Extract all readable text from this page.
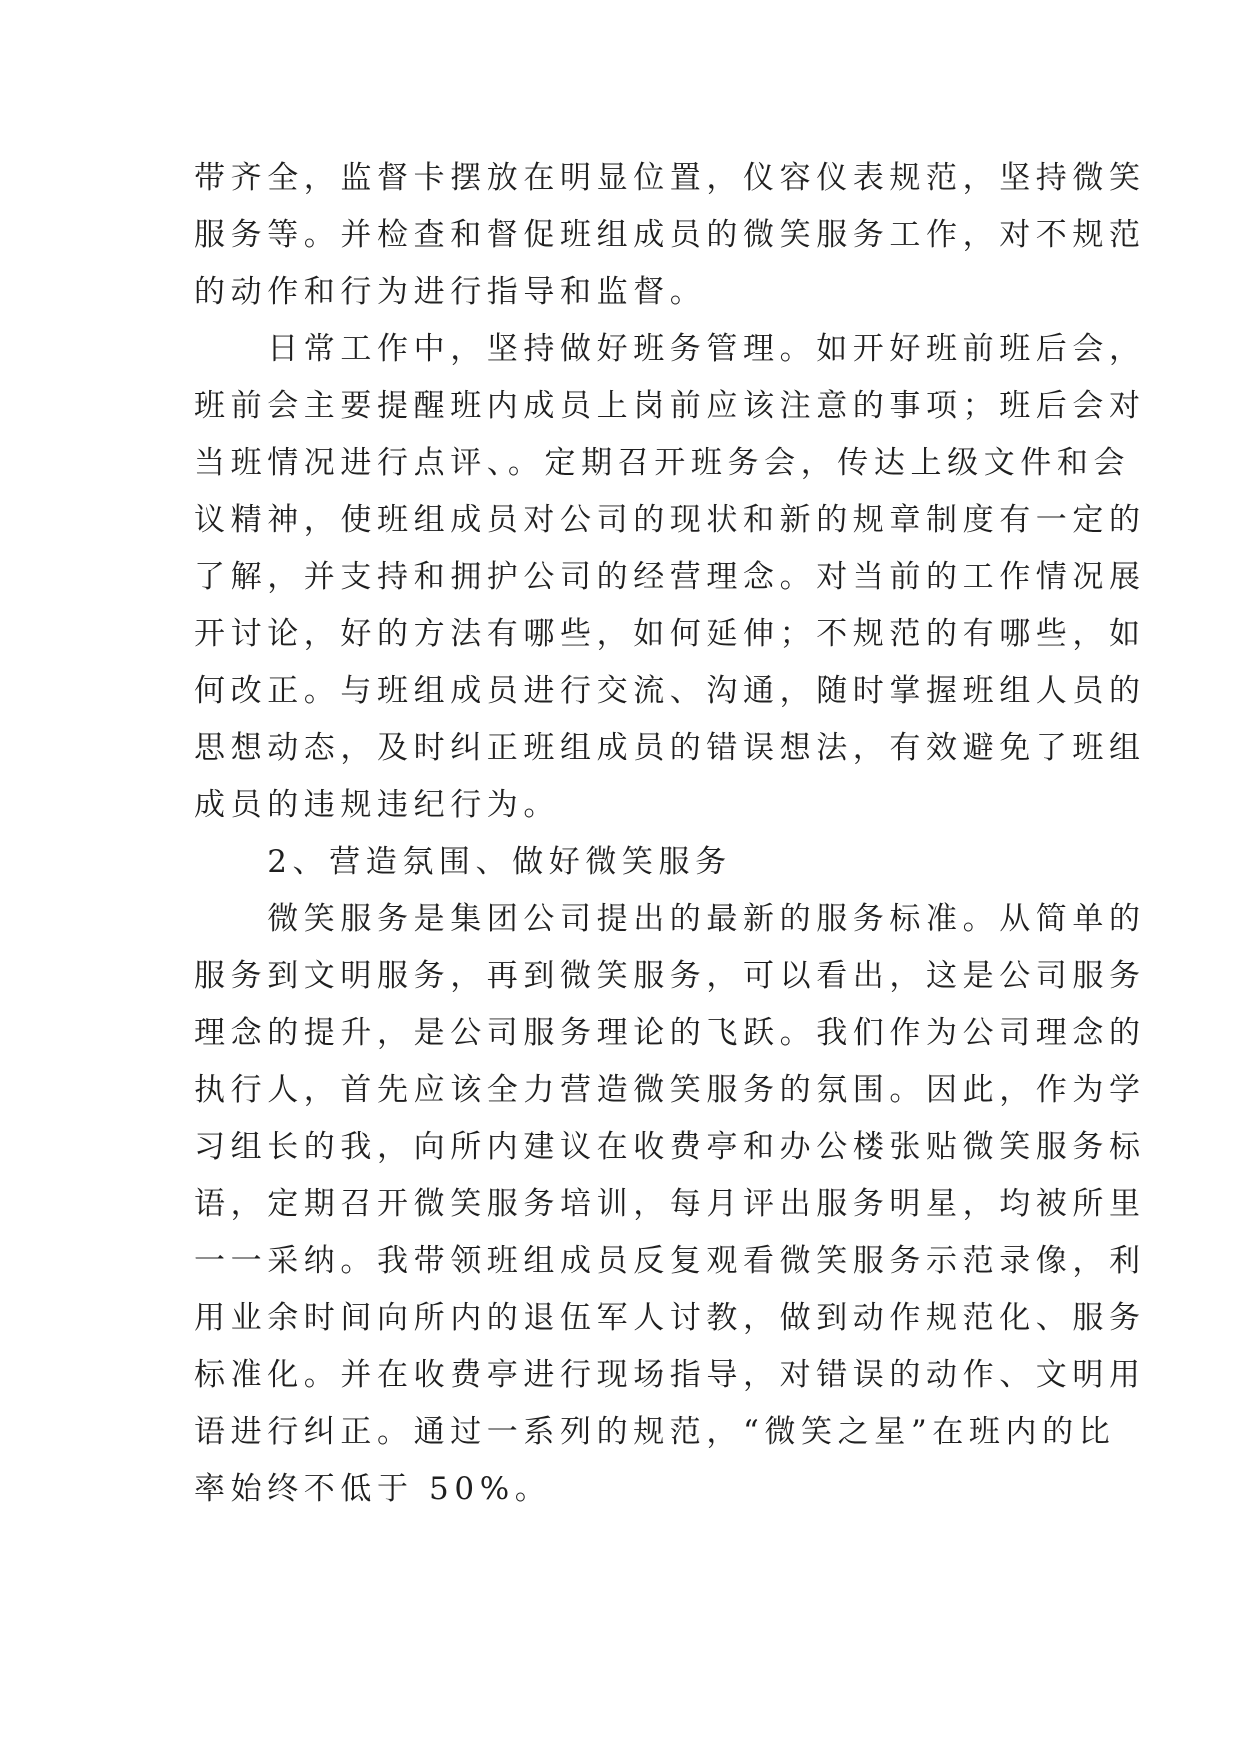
带齐全，监督卡摆放在明显位置，仪容仪表规范，坚持微笑
服务等。并检查和督促班组成员的微笑服务工作，对不规范
的动作和行为进行指导和监督。
　　日常工作中，坚持做好班务管理。如开好班前班后会，
班前会主要提醒班内成员上岗前应该注意的事项；班后会对
当班情况进行点评、。定期召开班务会，传达上级文件和会
议精神，使班组成员对公司的现状和新的规章制度有一定的
了解，并支持和拥护公司的经营理念。对当前的工作情况展
开讨论，好的方法有哪些，如何延伸；不规范的有哪些，如
何改正。与班组成员进行交流、沟通，随时掌握班组人员的
思想动态，及时纠正班组成员的错误想法，有效避免了班组
成员的违规违纪行为。
　　2、营造氛围、做好微笑服务
　　微笑服务是集团公司提出的最新的服务标准。从简单的
服务到文明服务，再到微笑服务，可以看出，这是公司服务
理念的提升，是公司服务理论的飞跃。我们作为公司理念的
执行人，首先应该全力营造微笑服务的氛围。因此，作为学
习组长的我，向所内建议在收费亭和办公楼张贴微笑服务标
语，定期召开微笑服务培训，每月评出服务明星，均被所里
一一采纳。我带领班组成员反复观看微笑服务示范录像，利
用业余时间向所内的退伍军人讨教，做到动作规范化、服务
标准化。并在收费亭进行现场指导，对错误的动作、文明用
语进行纠正。通过一系列的规范，“微笑之星”在班内的比
率始终不低于 50%。
